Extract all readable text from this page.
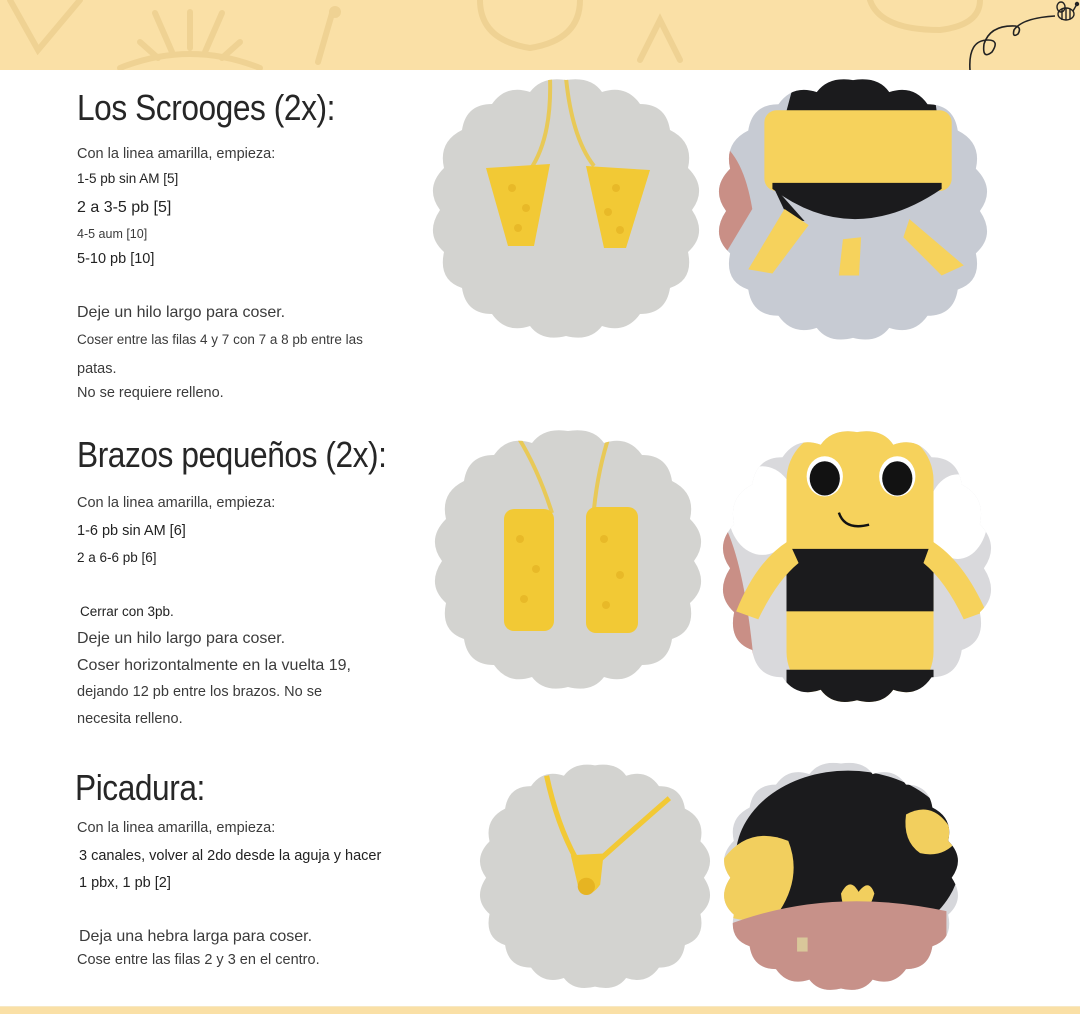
Los Scrooges (2x):
Con la linea amarilla, empieza:
1-5 pb sin AM [5]
2 a 3-5 pb [5]
4-5 aum [10]
5-10 pb [10]
Deje un hilo largo para coser.
Coser entre las filas 4 y 7 con 7 a 8 pb entre las
patas.
No se requiere relleno.
Brazos pequeños (2x):
Con la linea amarilla, empieza:
1-6 pb sin AM [6]
2 a 6-6 pb [6]
Cerrar con 3pb.
Deje un hilo largo para coser.
Coser horizontalmente en la vuelta 19,
dejando 12 pb entre los brazos. No se
necesita relleno.
Picadura:
Con la linea amarilla, empieza:
3 canales, volver al 2do desde la aguja y hacer
1 pbx, 1 pb [2]
Deja una hebra larga para coser.
Cose entre las filas 2 y 3 en el centro.
